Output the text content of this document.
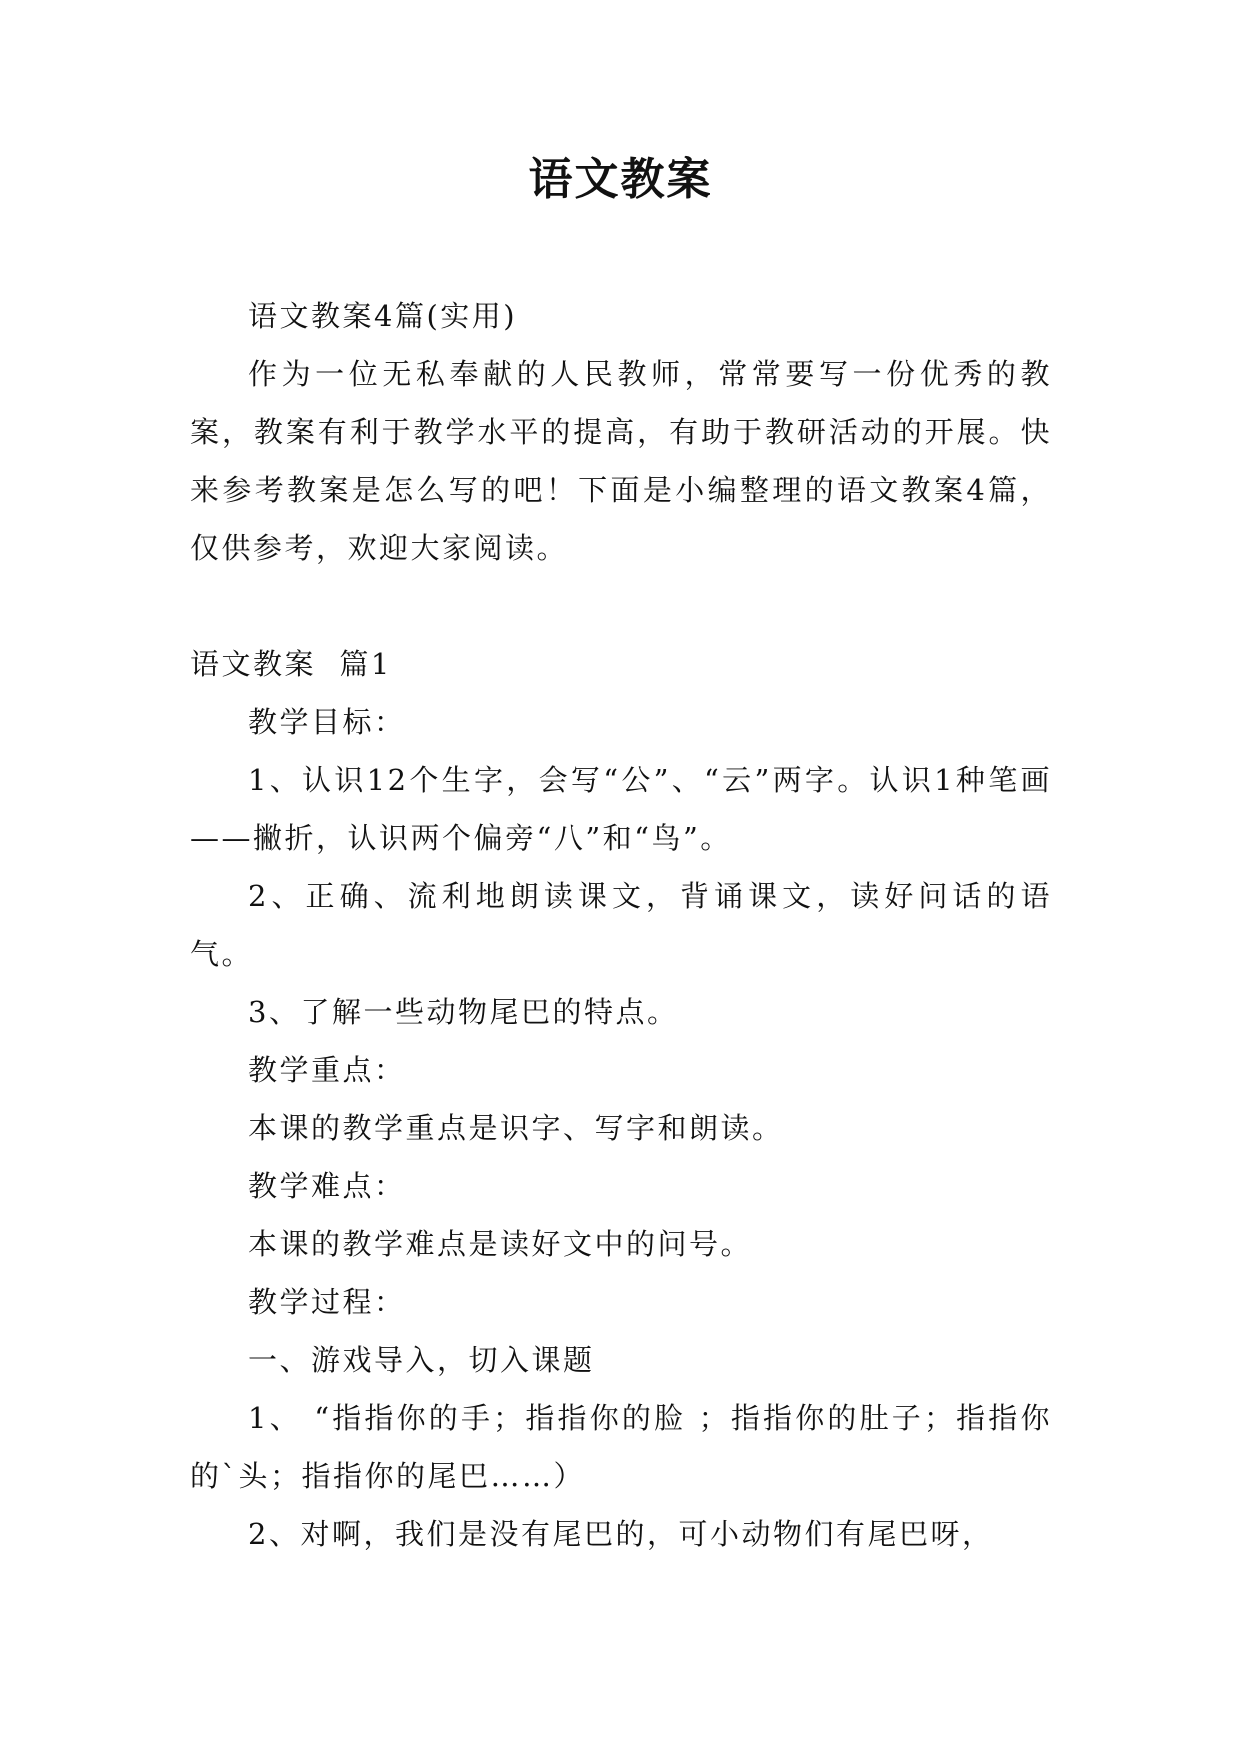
语文教案

语文教案4篇(实用)

作为一位无私奉献的人民教师，常常要写一份优秀的教案，教案有利于教学水平的提高，有助于教研活动的开展。快来参考教案是怎么写的吧！下面是小编整理的语文教案4篇，仅供参考，欢迎大家阅读。

语文教案  篇1

教学目标：

1、认识12个生字，会写“公”、“云”两字。认识1种笔画——撇折，认识两个偏旁“八”和“鸟”。

2、正确、流利地朗读课文，背诵课文，读好问话的语气。

3、了解一些动物尾巴的特点。

教学重点：

本课的教学重点是识字、写字和朗读。

教学难点：

本课的教学难点是读好文中的问号。

教学过程：

一、游戏导入，切入课题

1、 “指指你的手；指指你的脸 ；指指你的肚子；指指你的`头；指指你的尾巴……）

2、对啊，我们是没有尾巴的，可小动物们有尾巴呀，
